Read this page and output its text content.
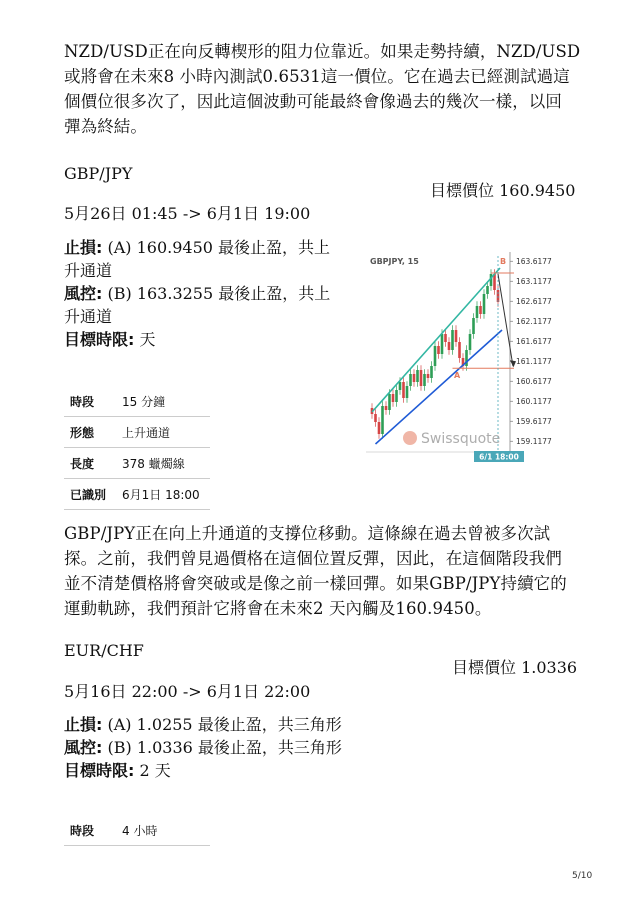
NZD/USD正在向反轉楔形的阻力位靠近。如果走勢持續，NZD/USD
或將會在未來8 小時內測試0.6531這一價位。它在過去已經測試過這
個價位很多次了，因此這個波動可能最終會像過去的幾次一樣，以回
彈為終結。
GBP/JPY
目標價位 160.9450
5月26日 01:45 -> 6月1日 19:00
止損: (A) 160.9450 最後止盈，共上
升通道
風控: (B) 163.3255 最後止盈，共上
升通道
目標時限: 天
時段	15 分鐘
形態	上升通道
長度	378 蠟燭線
已識別	6月1日 18:00
GBPJPY, 15	163.6177
163.1177
162.6177
162.1177
161.6177
161.1177
160.6177
160.1177
159.6177
159.1177
A
B
Swissquote
6/1 18:00
GBP/JPY正在向上升通道的支撐位移動。這條線在過去曾被多次試
探。之前，我們曾見過價格在這個位置反彈，因此，在這個階段我們
並不清楚價格將會突破或是像之前一樣回彈。如果GBP/JPY持續它的
運動軌跡，我們預計它將會在未來2 天內觸及160.9450。
EUR/CHF
目標價位 1.0336
5月16日 22:00 -> 6月1日 22:00
止損: (A) 1.0255 最後止盈，共三角形
風控: (B) 1.0336 最後止盈，共三角形
目標時限: 2 天
時段	4 小時
5/10
